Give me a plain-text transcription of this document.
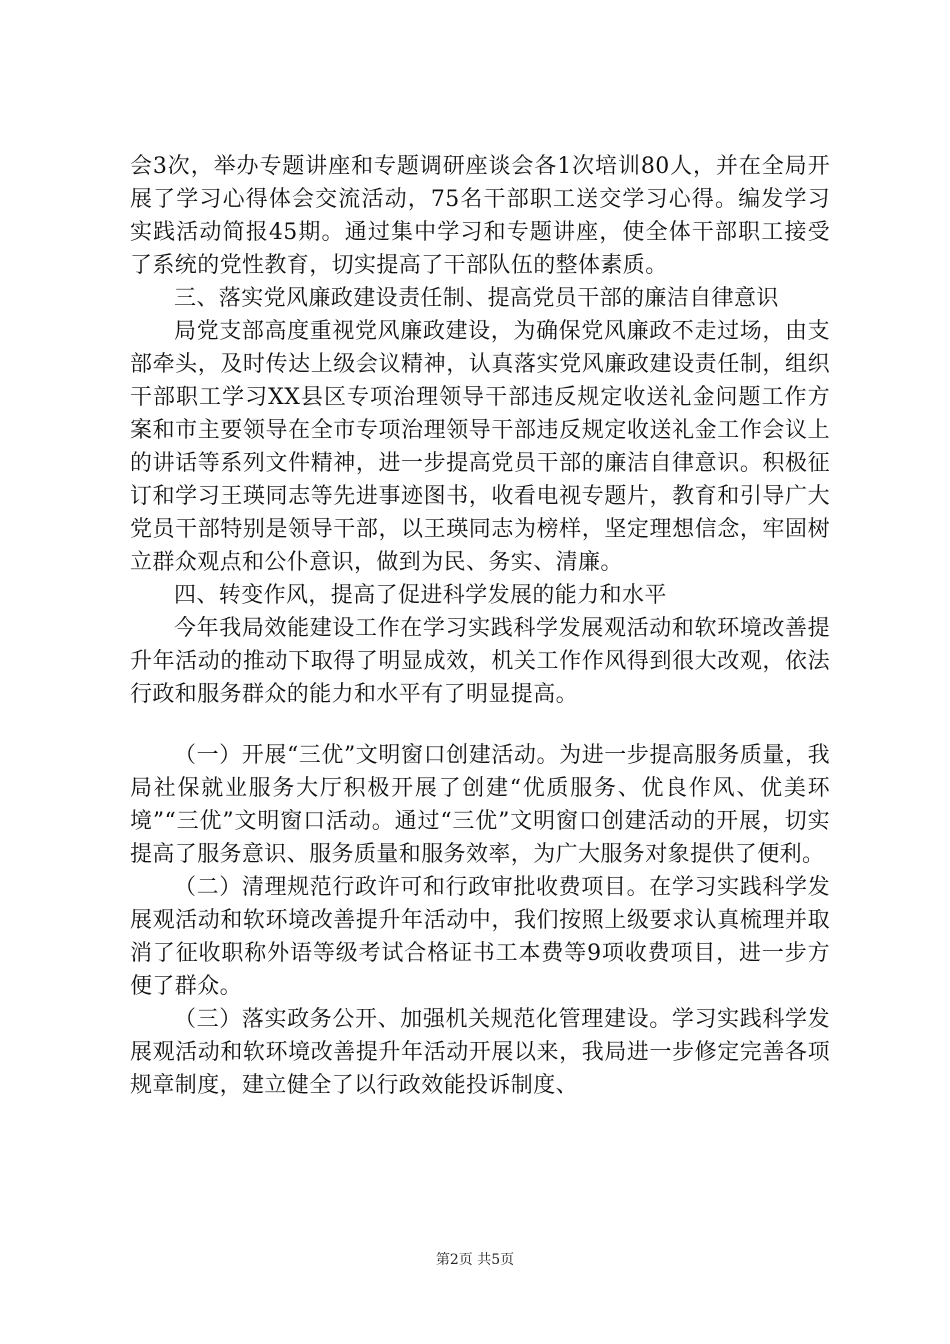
会3次，举办专题讲座和专题调研座谈会各1次培训80人，并在全局开展了学习心得体会交流活动，75名干部职工送交学习心得。编发学习实践活动简报45期。通过集中学习和专题讲座，使全体干部职工接受了系统的党性教育，切实提高了干部队伍的整体素质。

三、落实党风廉政建设责任制、提高党员干部的廉洁自律意识

局党支部高度重视党风廉政建设，为确保党风廉政不走过场，由支部牵头，及时传达上级会议精神，认真落实党风廉政建设责任制，组织干部职工学习XX县区专项治理领导干部违反规定收送礼金问题工作方案和市主要领导在全市专项治理领导干部违反规定收送礼金工作会议上的讲话等系列文件精神，进一步提高党员干部的廉洁自律意识。积极征订和学习王瑛同志等先进事迹图书，收看电视专题片，教育和引导广大党员干部特别是领导干部，以王瑛同志为榜样，坚定理想信念，牢固树立群众观点和公仆意识，做到为民、务实、清廉。

四、转变作风，提高了促进科学发展的能力和水平

今年我局效能建设工作在学习实践科学发展观活动和软环境改善提升年活动的推动下取得了明显成效，机关工作作风得到很大改观，依法行政和服务群众的能力和水平有了明显提高。

（一）开展“三优”文明窗口创建活动。为进一步提高服务质量，我局社保就业服务大厅积极开展了创建“优质服务、优良作风、优美环境”“三优”文明窗口活动。通过“三优”文明窗口创建活动的开展，切实提高了服务意识、服务质量和服务效率，为广大服务对象提供了便利。

（二）清理规范行政许可和行政审批收费项目。在学习实践科学发展观活动和软环境改善提升年活动中，我们按照上级要求认真梳理并取消了征收职称外语等级考试合格证书工本费等9项收费项目，进一步方便了群众。

（三）落实政务公开、加强机关规范化管理建设。学习实践科学发展观活动和软环境改善提升年活动开展以来，我局进一步修定完善各项规章制度，建立健全了以行政效能投诉制度、

第2页 共5页
